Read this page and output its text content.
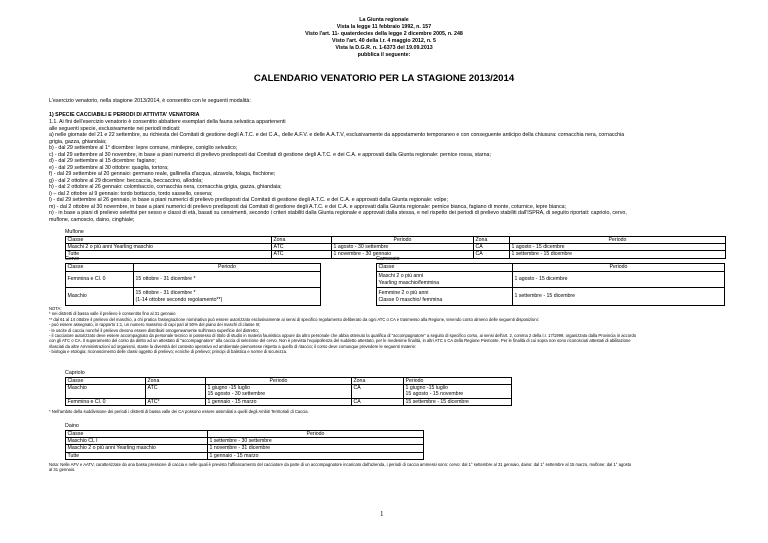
La Giunta regionale
Vista la legge 11 febbraio 1992, n. 157
Visto l'art. 11- quaterdecies della legge 2 dicembre 2005, n. 248
Visto l'art. 40 della l.r. 4 maggio 2012, n. 5
Vista la D.G.R. n. 1-6373 del 19.09.2013
pubblica il seguente:
CALENDARIO VENATORIO PER LA STAGIONE 2013/2014
L'esercizio venatorio, nella stagione 2013/2014, è consentito con le seguenti modalità:
1) SPECIE CACCIABILI E PERIODI DI ATTIVITA' VENATORIA
1.1. Ai fini dell'esercizio venatorio è consentito abbattere esemplari della fauna selvatica appartenenti
alle seguenti specie, esclusivamente nei periodi indicati:
a) nelle giornate del 21 e 22 settembre, su richiesta dei Comitati di gestione degli A.T.C. e dei C.A., delle A.F.V. e delle A.A.T.V, esclusivamente da appostamento temporaneo e con conseguente anticipo della chiusura: cornacchia nera, cornacchia
grigia, gazza, ghiandaia;
b) - dal 29 settembre al 1° dicembre: lepre comune, minilepre, coniglio selvatico;
c) - dal 29 settembre al 30 novembre, in base a piani numerici di prelievo predisposti dai Comitati di gestione degli A.T.C. e dei C.A. e approvati dalla Giunta regionale: pernice rossa, starna;
d) - dal 29 settembre al 15 dicembre: fagiano;
e) - dal 29 settembre al 30 ottobre: quaglia, tortora;
f) - dal 29 settembre al 20 gennaio: germano reale, gallinella d'acqua, alzavola, folaga, fischione;
g) - dal 2 ottobre al 29 dicembre: beccaccia, beccaccino, allodola;
h) - dal 2 ottobre al 26 gennaio: colombaccio, cornacchia nera, cornacchia grigia, gazza, ghiandaia;
i) – dal 2 ottobre al 9 gennaio: tordo bottaccio, tordo sassello, cesena;
l) - dal 29 settembre al 26 gennaio, in base a piani numerici di prelievo predisposti dai Comitati di gestione degli A.T.C. e dei C.A. e approvati dalla Giunta regionale: volpe;
m) - dal 2 ottobre al 30 novembre, in base a piani numerici di prelievo predisposti dai Comitati di gestione degli A.T.C. e dei C.A. e approvati dalla Giunta regionale: pernice bianca, fagiano di monte, coturnice, lepre bianca;
n) - in base a piani di prelievo selettivi per sesso e classi di età, basati su censimenti, secondo i criteri stabiliti dalla Giunta regionale e approvati dalla stessa, e nel rispetto dei periodi di prelievo stabiliti dall'ISPRA, di seguito riportati: capriolo, cervo,
muflone, camoscio, daino, cinghiale;
Muflone
Classe	Zona	Periodo	Zona	Periodo
Maschi 2 o più anni Yearling maschio	ATC	1 agosto - 30 settembre	CA	1 agosto - 15 dicembre
Tutte	ATC	1 novembre - 30 gennaio	CA	1 settembre - 15 dicembre
Cervo
Classe	Periodo
Femmina e Cl. 0	15 ottobre - 31 dicembre *
Maschio	15 ottobre - 31 dicembre *
(1-14 ottobre secondo regolamento**)
Camoscio
Classe	Periodo

Maschi 2 o più anni
Yearling maschio/femmina	1 agosto - 15 dicembre

Femmine 2 o più anni
Classe 0 maschio/ femmina	1 settembre - 15 dicembre
NOTA:
* nei distretti di bassa valle il prelievo è consentito fino al 31 gennaio
** dal 61 al 14 ottobre il prelievo del maschio, a chi pratica l'assegnazione nominativa può essere autorizzato esclusivamente ai sensi di specifico regolamento deliberato da ogni ATC o CA e trasmesso alla Regione, tenendo conto almeno delle seguenti disposizioni:
- può essere assegnato, in rapporto 1:1, un numero massimo di capi pari al 50% del piano dei maschi di classe III;
- le uscite di caccia nonché il prelievo devono essere distribuiti omogeneamente sull'intera superficie del distretto;
- il cacciatore autorizzato deve essere accompagnato da personale tecnico in possesso di titolo di studio in materia faunistica oppure da altro personale che abbia ottenuto la qualifica di "accompagnatore" a seguito di specifico corso, ai sensi dell'art. 2, comma 2 della l.r. 17/1999, organizzato dalla Provincia in accordo
con gli ATC o CA. Il superamento del corso da diritto ad un attestato di "accompagnatore" alla caccia di selezione del cervo. Non è prevista l'equipollenza del suddetto attestato, per le medesime finalità, in altri ATC o CA della Regione Piemonte. Per le finalità di cui sopra non sono riconosciuti attestati di abilitazione
rilasciati da altre Amministrazioni od organismi, stante la diversità del contesto operativo ed ambientale piemontese rispetto a quello di ritaccio; il corso deve comunque prevedere le seguenti materie:
- biologia e etologia; riconoscimento delle classi oggetto di prelievo; ecniche di prelievo; principi di balistica e norme di sicurezza.
Capriolo
Classe	Zona	Periodo	Zona	Periodo
Maschio	ATC	1 giugno -15 luglio	CA	1 giugno -15 luglio
		15 agosto - 30 settembre		15 agosto - 15 novembre
Femmina e Cl. 0	ATC*	1 gennaio - 15 marzo	CA	15 settembre - 15 dicembre
* Nell'ambito della suddivisione dei periodi i distretti di bassa valle dei CA possono essere assimilati a quelli degli Ambiti Territoriali di Caccia.
Daino
Classe	Periodo
Maschio CL I	1 settembre - 30 settembre
Maschio 2 o più anni Yearling maschio	1 novembre - 31 dicembre
Tutte	1 gennaio - 15 marzo
Nota: Nelle AFV e AATV, caratterizzate da una bassa pressione di caccia e nelle quali è previsto l'affiancamento del cacciatore da parte di un accompagnatore incaricato dall'azienda, i periodi di caccia ammessi sono: cervo: dal 1° settembre al 31 gennaio, daino: dal 1° settembre al 15 marzo, muflone: dal 1° agosto
al 31 gennaio.
1
